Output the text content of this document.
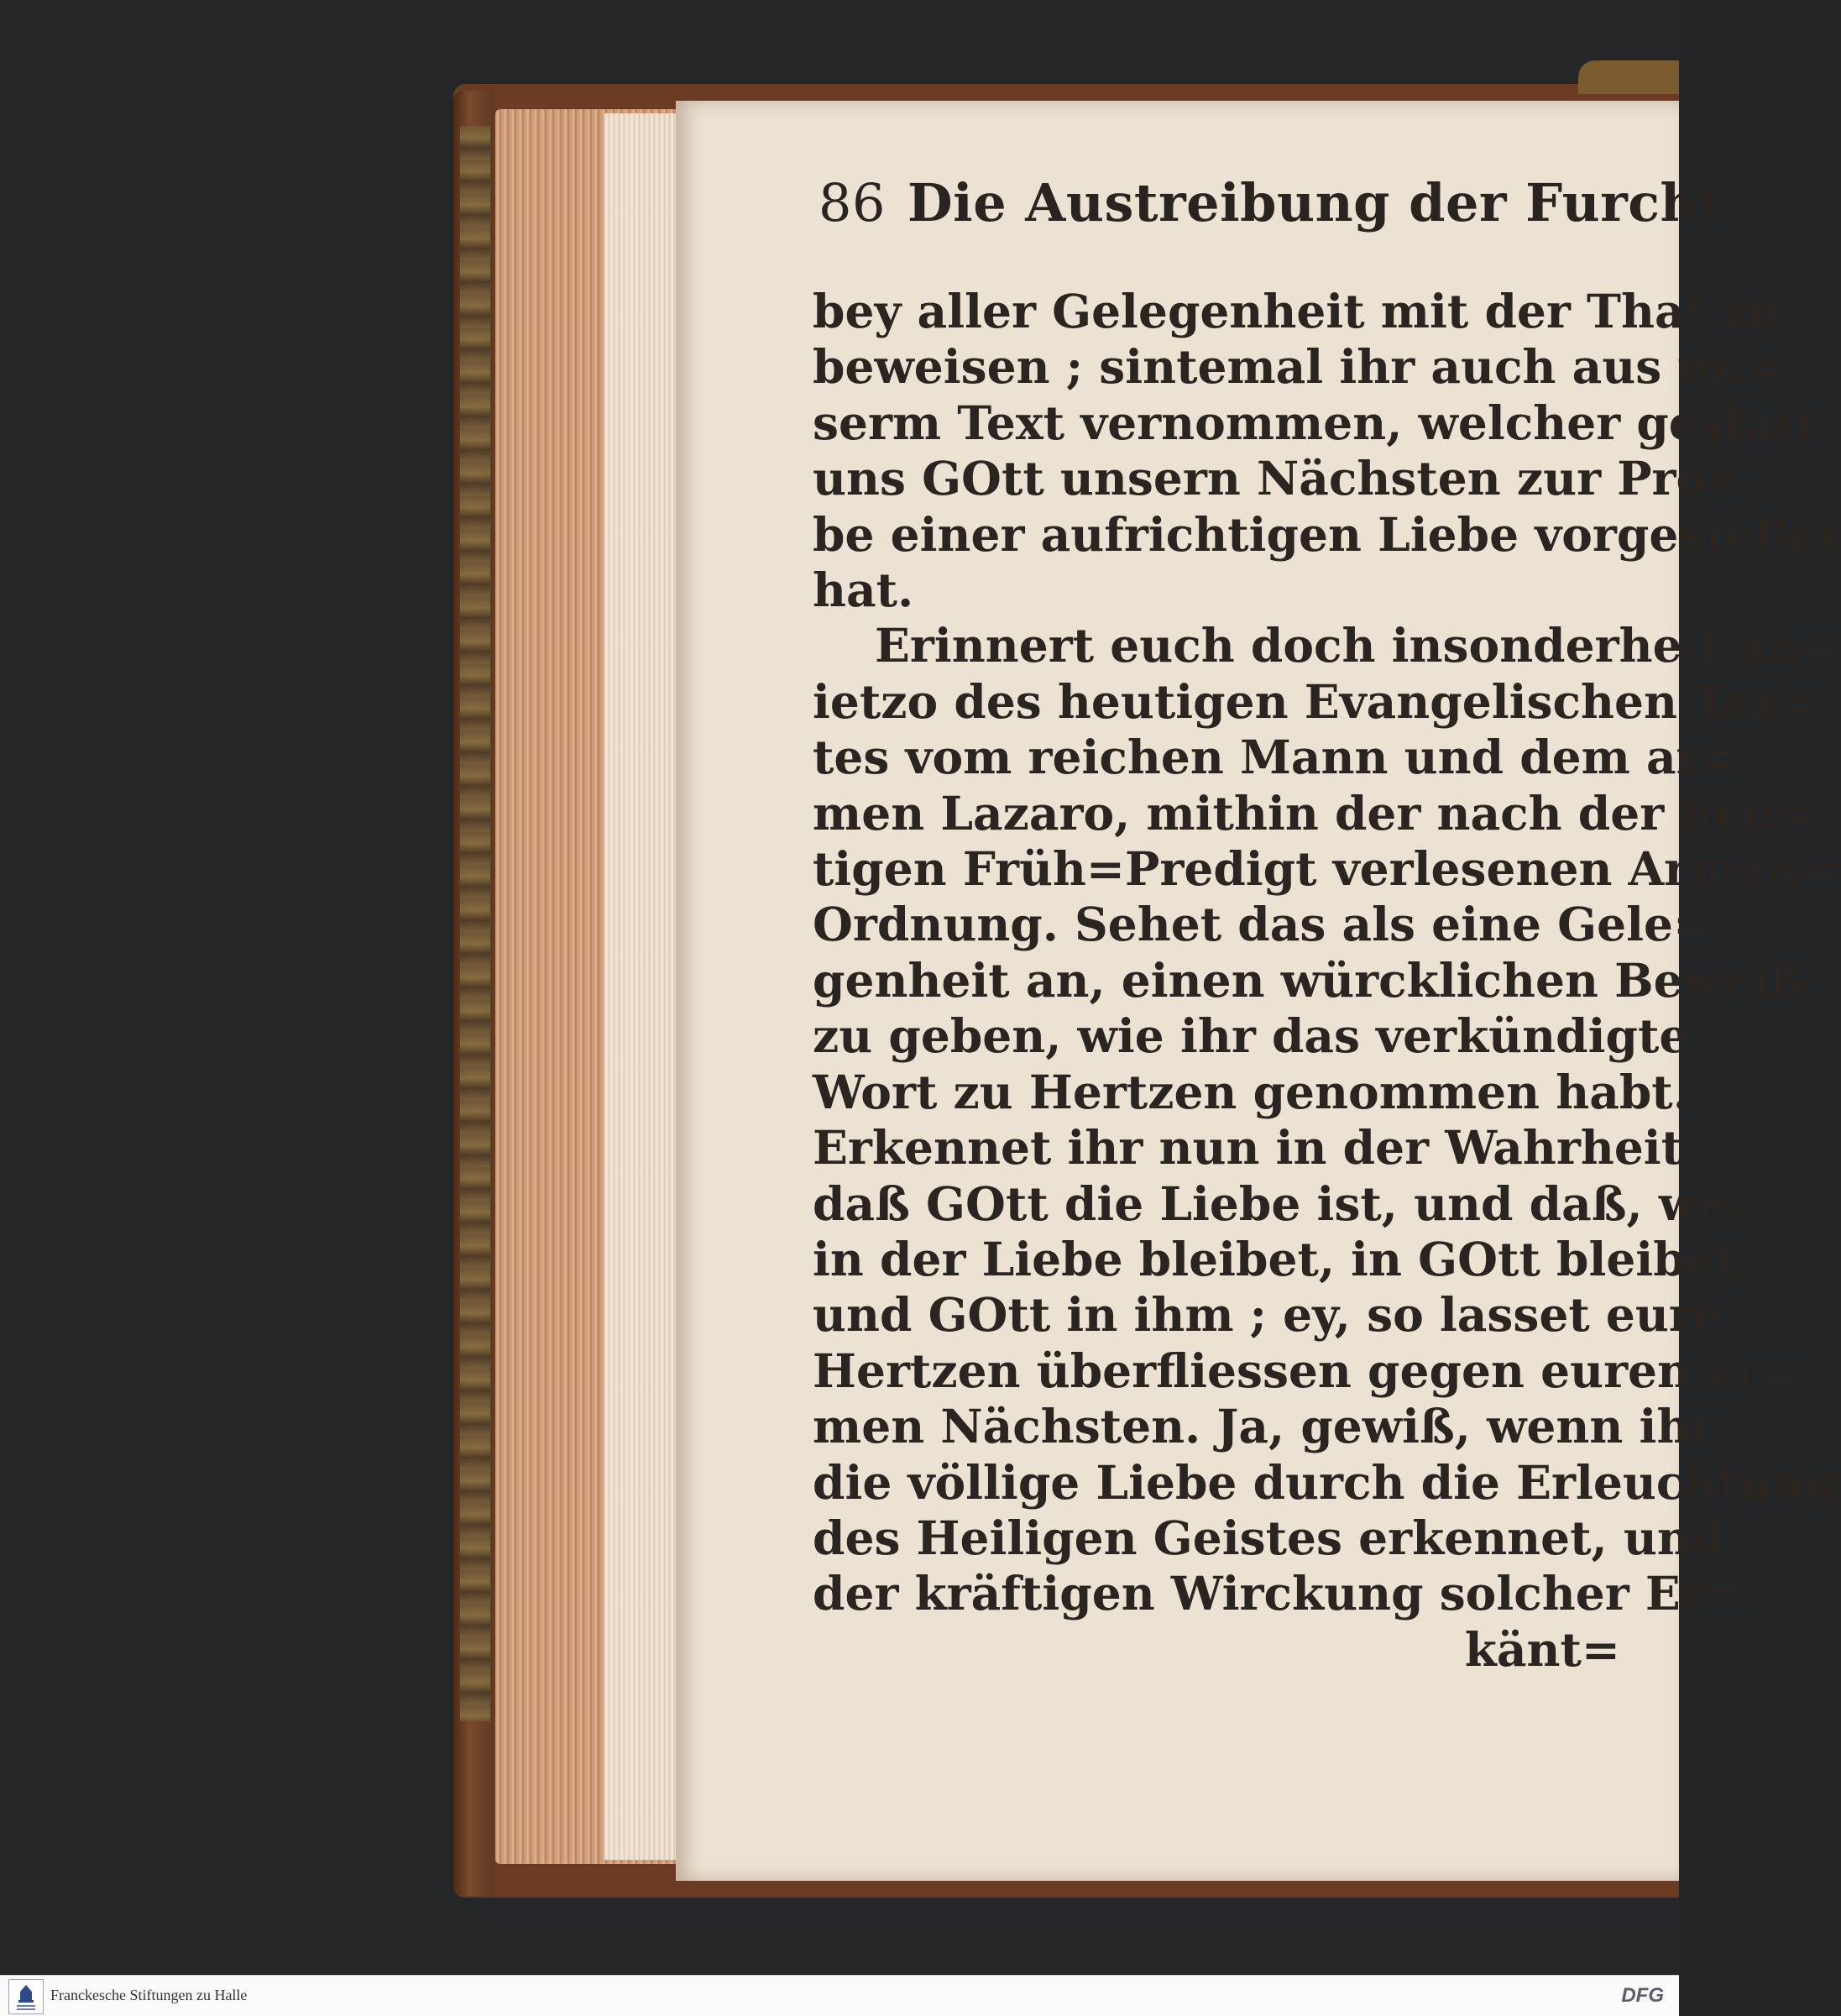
86 Die Austreibung der Furcht
bey aller Gelegenheit mit der That zu
beweisen ; sintemal ihr auch aus un=
serm Text vernommen, welcher gestalt
uns GOtt unsern Nächsten zur Pro=
be einer aufrichtigen Liebe vorgestellet
hat.
Erinnert euch doch insonderheit an=
ietzo des heutigen Evangelischen Tex=
tes vom reichen Mann und dem ar=
men Lazaro, mithin der nach der heu=
tigen Früh=Predigt verlesenen Armen=
Ordnung. Sehet das als eine Gele=
genheit an, einen würcklichen Beweiß
zu geben, wie ihr das verkündigte
Wort zu Hertzen genommen habt.
Erkennet ihr nun in der Wahrheit,
daß GOtt die Liebe ist, und daß, wer
in der Liebe bleibet, in GOtt bleibet,
und GOtt in ihm ; ey, so lasset eure
Hertzen überfliessen gegen euren ar=
men Nächsten. Ja, gewiß, wenn ihr
die völlige Liebe durch die Erleuchtung
des Heiligen Geistes erkennet, und
der kräftigen Wirckung solcher Er=
känt=
Franckesche Stiftungen zu Halle	DFG
